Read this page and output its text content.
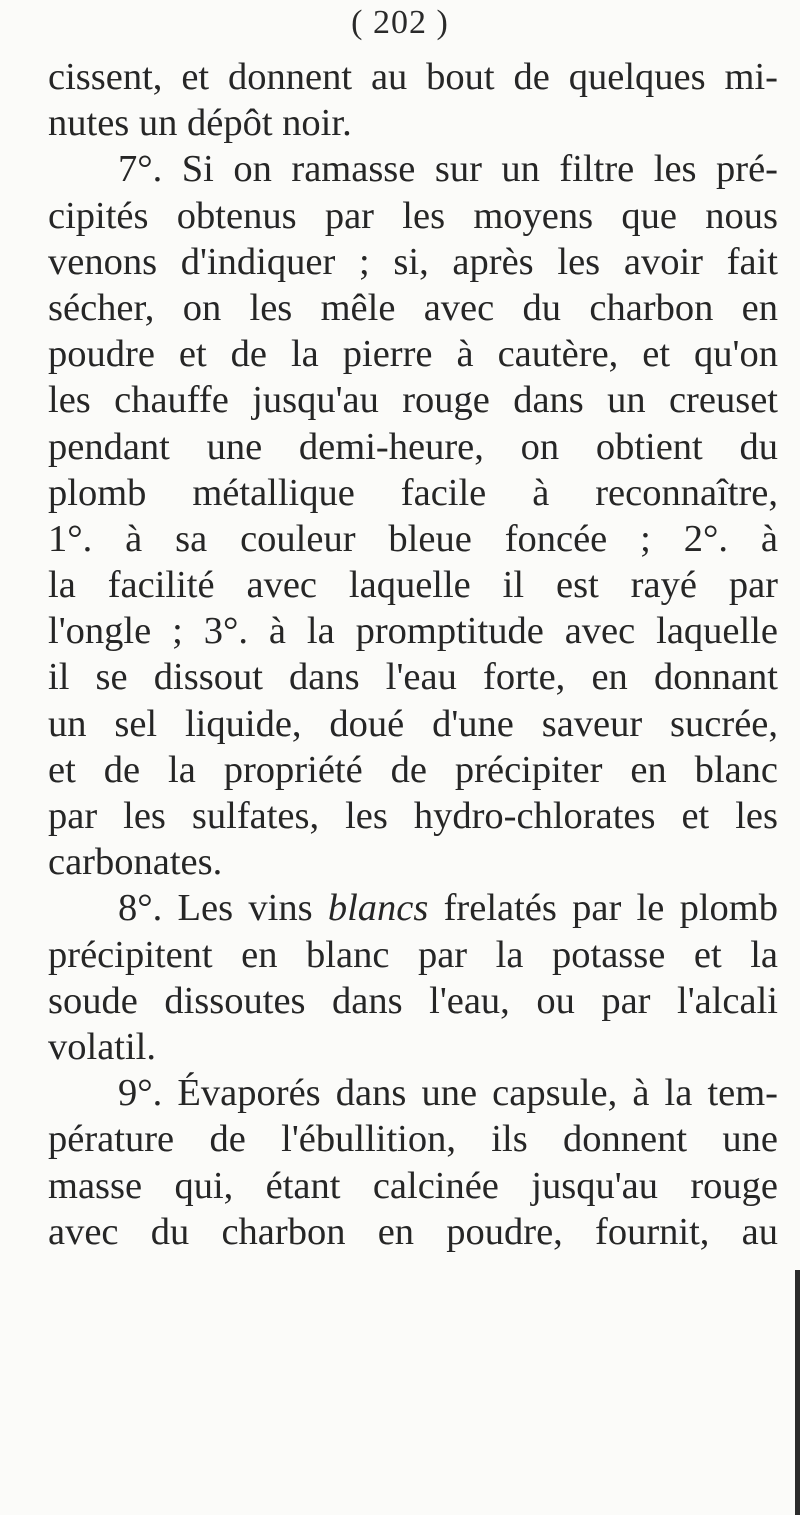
( 202 )
cissent, et donnent au bout de quelques mi-
nutes un dépôt noir.
7°. Si on ramasse sur un filtre les pré-
cipités obtenus par les moyens que nous
venons d'indiquer ; si, après les avoir fait
sécher, on les mêle avec du charbon en
poudre et de la pierre à cautère, et qu'on
les chauffe jusqu'au rouge dans un creuset
pendant une demi-heure, on obtient du
plomb métallique facile à reconnaître,
1°. à sa couleur bleue foncée ; 2°. à
la facilité avec laquelle il est rayé par
l'ongle ; 3°. à la promptitude avec laquelle
il se dissout dans l'eau forte, en donnant
un sel liquide, doué d'une saveur sucrée,
et de la propriété de précipiter en blanc
par les sulfates, les hydro-chlorates et les
carbonates.
8°. Les vins blancs frelatés par le plomb
précipitent en blanc par la potasse et la
soude dissoutes dans l'eau, ou par l'alcali
volatil.
9°. Évaporés dans une capsule, à la tem-
pérature de l'ébullition, ils donnent une
masse qui, étant calcinée jusqu'au rouge
avec du charbon en poudre, fournit, au
